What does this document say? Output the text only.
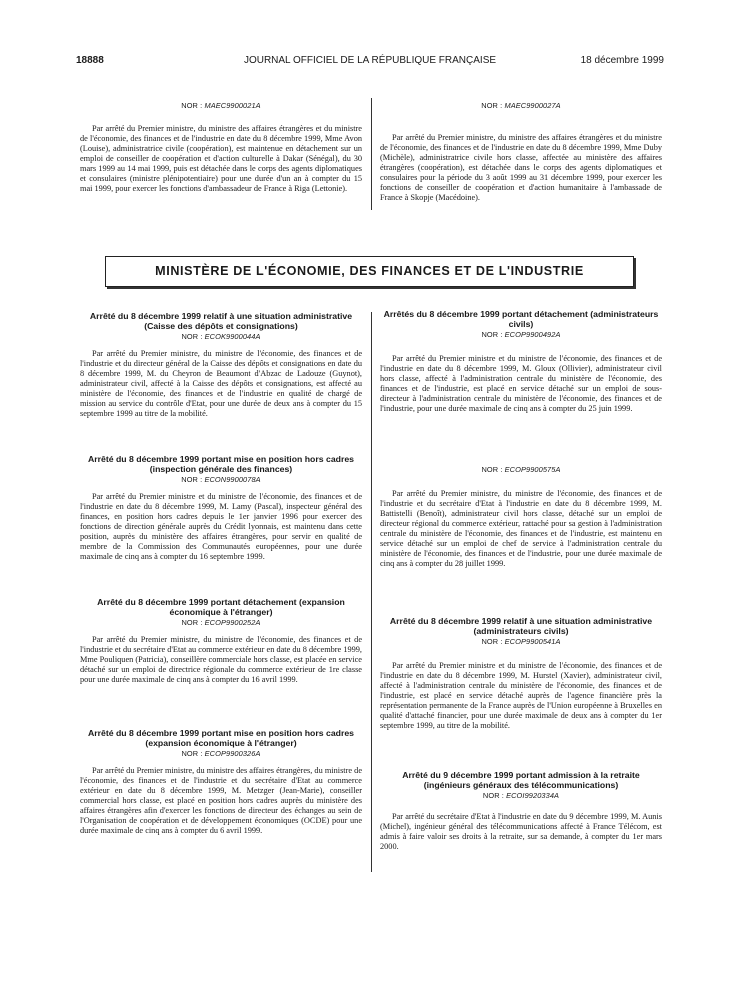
18888	JOURNAL OFFICIEL DE LA RÉPUBLIQUE FRANÇAISE	18 décembre 1999
NOR : MAEC9900021A

Par arrêté du Premier ministre, du ministre des affaires étrangères et du ministre de l'économie, des finances et de l'industrie en date du 8 décembre 1999, Mme Avon (Louise), administratrice civile (coopération), est maintenue en détachement sur un emploi de conseiller de coopération et d'action culturelle à Dakar (Sénégal), du 30 mars 1999 au 14 mai 1999, puis est détachée dans le corps des agents diplomatiques et consulaires (ministre plénipotentiaire) pour une durée d'un an à compter du 15 mai 1999, pour exercer les fonctions d'ambassadeur de France à Riga (Lettonie).

NOR : MAEC9900027A

Par arrêté du Premier ministre, du ministre des affaires étrangères et du ministre de l'économie, des finances et de l'industrie en date du 8 décembre 1999, Mme Duby (Michèle), administratrice civile hors classe, affectée au ministère des affaires étrangères (coopération), est détachée dans le corps des agents diplomatiques et consulaires pour la période du 3 août 1999 au 31 décembre 1999, pour exercer les fonctions de conseiller de coopération et d'action humanitaire à l'ambassade de France à Skopje (Macédoine).

MINISTÈRE DE L'ÉCONOMIE, DES FINANCES ET DE L'INDUSTRIE
Arrêté du 8 décembre 1999 relatif à une situation administrative (Caisse des dépôts et consignations)
NOR : ECOK9900044A

Par arrêté du Premier ministre, du ministre de l'économie, des finances et de l'industrie et du directeur général de la Caisse des dépôts et consignations en date du 8 décembre 1999, M. du Cheyron de Beaumont d'Abzac de Ladouze (Guynot), administrateur civil, affecté à la Caisse des dépôts et consignations, est affecté au ministère de l'économie, des finances et de l'industrie en qualité de chargé de mission au service du contrôle d'Etat, pour une durée de deux ans à compter du 15 septembre 1999 au titre de la mobilité.

Arrêté du 8 décembre 1999 portant mise en position hors cadres (inspection générale des finances)
NOR : ECON9900078A

Par arrêté du Premier ministre et du ministre de l'économie, des finances et de l'industrie en date du 8 décembre 1999, M. Lamy (Pascal), inspecteur général des finances, en position hors cadres depuis le 1er janvier 1996 pour exercer des fonctions de direction générale auprès du Crédit lyonnais, est maintenu dans cette position, auprès du ministère des affaires étrangères, pour servir en qualité de membre de la Commission des Communautés européennes, pour une durée maximale de cinq ans à compter du 16 septembre 1999.

Arrêté du 8 décembre 1999 portant détachement (expansion économique à l'étranger)
NOR : ECOP9900252A

Par arrêté du Premier ministre, du ministre de l'économie, des finances et de l'industrie et du secrétaire d'Etat au commerce extérieur en date du 8 décembre 1999, Mme Pouliquen (Patricia), conseillère commerciale hors classe, est placée en service détaché sur un emploi de directrice régionale du commerce extérieur de 1re classe pour une durée maximale de cinq ans à compter du 16 avril 1999.

Arrêté du 8 décembre 1999 portant mise en position hors cadres (expansion économique à l'étranger)
NOR : ECOP9900326A

Par arrêté du Premier ministre, du ministre des affaires étrangères, du ministre de l'économie, des finances et de l'industrie et du secrétaire d'Etat au commerce extérieur en date du 8 décembre 1999, M. Metzger (Jean-Marie), conseiller commercial hors classe, est placé en position hors cadres auprès du ministère des affaires étrangères afin d'exercer les fonctions de directeur des échanges au sein de l'Organisation de coopération et de développement économiques (OCDE) pour une durée maximale de cinq ans à compter du 6 avril 1999.

Arrêtés du 8 décembre 1999 portant détachement (administrateurs civils)
NOR : ECOP9900492A

Par arrêté du Premier ministre et du ministre de l'économie, des finances et de l'industrie en date du 8 décembre 1999, M. Gloux (Ollivier), administrateur civil hors classe, affecté à l'administration centrale du ministère de l'économie, des finances et de l'industrie, est placé en service détaché sur un emploi de sous-directeur à l'administration centrale du ministère de l'économie, des finances et de l'industrie, pour une durée maximale de cinq ans à compter du 25 juin 1999.

NOR : ECOP9900575A

Par arrêté du Premier ministre, du ministre de l'économie, des finances et de l'industrie et du secrétaire d'Etat à l'industrie en date du 8 décembre 1999, M. Battistelli (Benoît), administrateur civil hors classe, détaché sur un emploi de directeur régional du commerce extérieur, rattaché pour sa gestion à l'administration centrale du ministère de l'économie, des finances et de l'industrie, est maintenu en service détaché sur un emploi de chef de service à l'administration centrale du ministère de l'économie, des finances et de l'industrie, pour une durée maximale de cinq ans à compter du 28 juillet 1999.

Arrêté du 8 décembre 1999 relatif à une situation administrative (administrateurs civils)
NOR : ECOP9900541A

Par arrêté du Premier ministre et du ministre de l'économie, des finances et de l'industrie en date du 8 décembre 1999, M. Hurstel (Xavier), administrateur civil, affecté à l'administration centrale du ministère de l'économie, des finances et de l'industrie, est placé en service détaché auprès de l'agence financière près la représentation permanente de la France auprès de l'Union européenne à Bruxelles en qualité d'attaché financier, pour une durée maximale de deux ans à compter du 1er septembre 1999, au titre de la mobilité.

Arrêté du 9 décembre 1999 portant admission à la retraite (ingénieurs généraux des télécommunications)
NOR : ECOI9920334A

Par arrêté du secrétaire d'Etat à l'industrie en date du 9 décembre 1999, M. Aunis (Michel), ingénieur général des télécommunications affecté à France Télécom, est admis à faire valoir ses droits à la retraite, sur sa demande, à compter du 1er mars 2000.
